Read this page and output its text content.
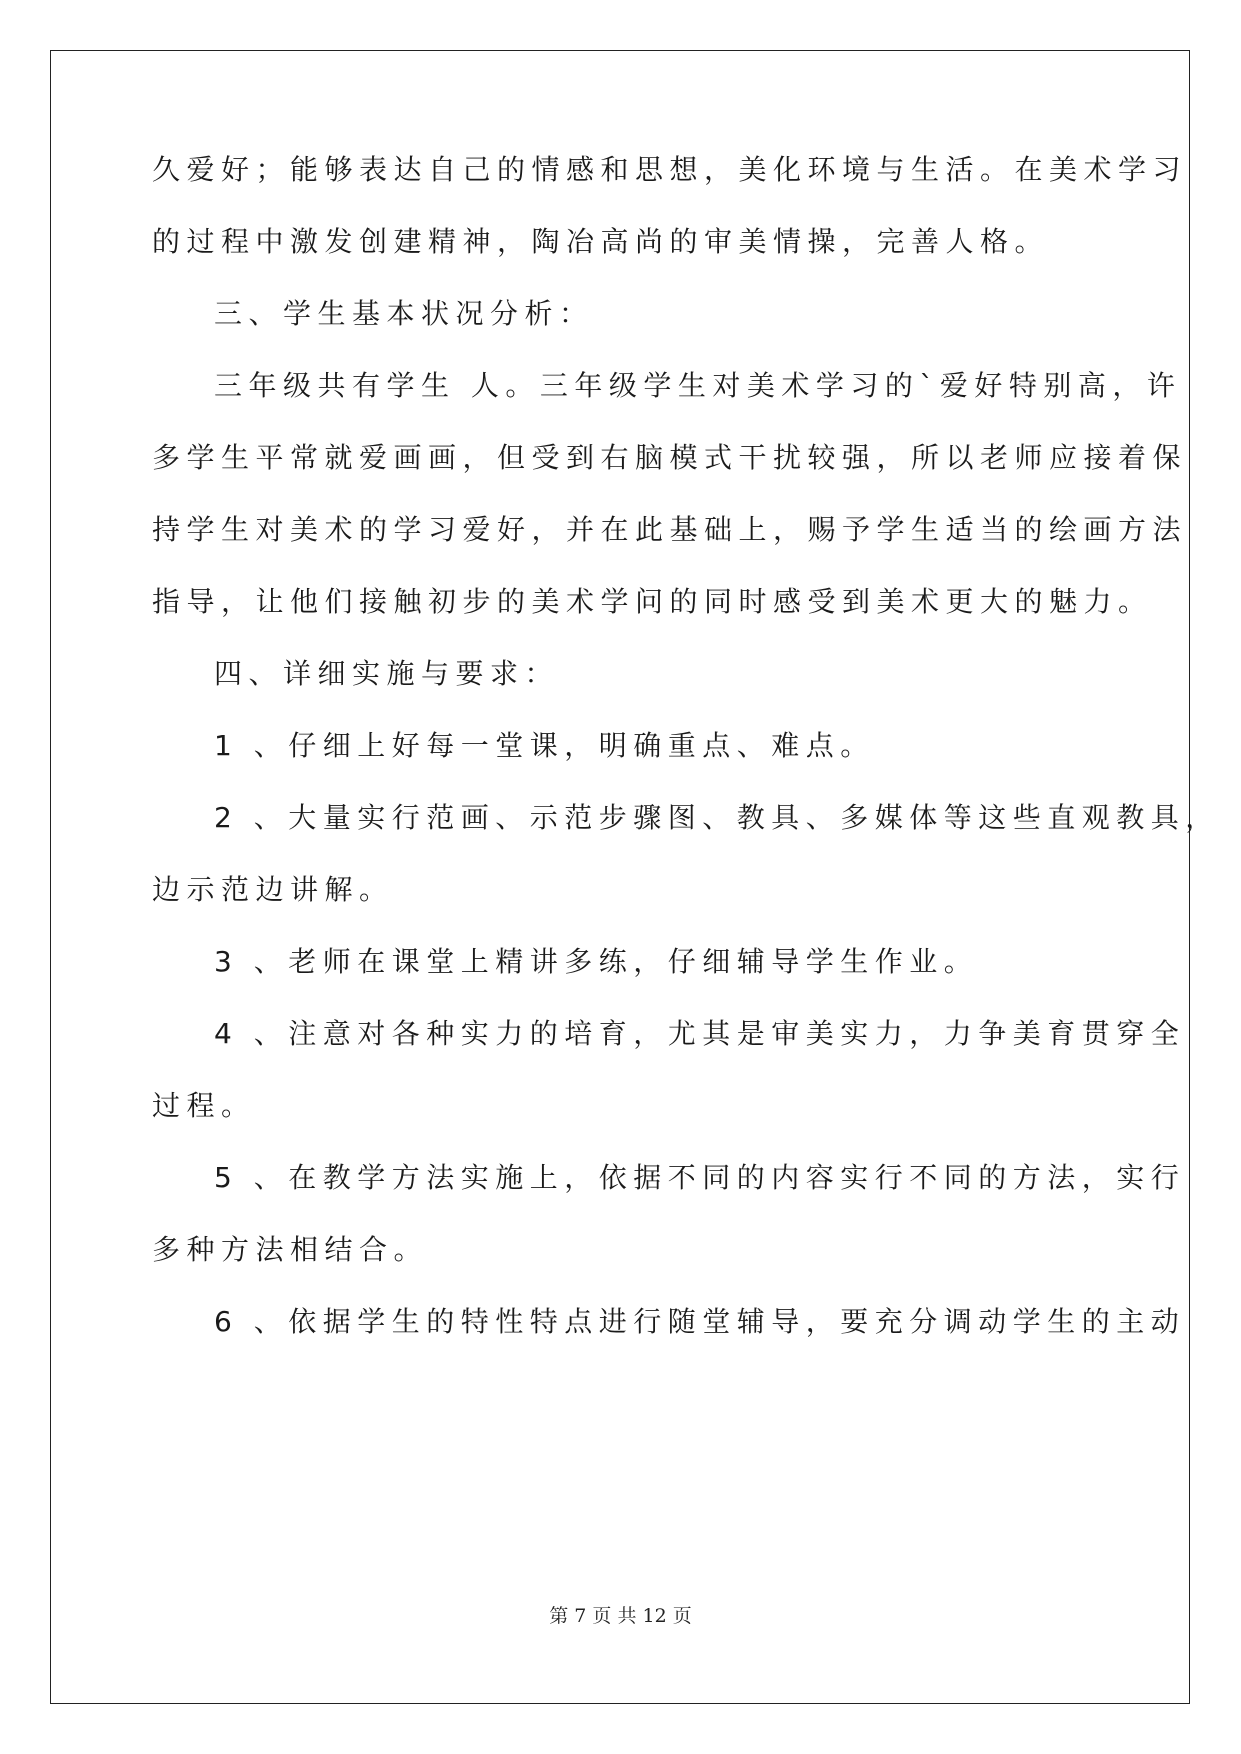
久爱好；能够表达自己的情感和思想，美化环境与生活。在美术学习
的过程中激发创建精神，陶冶高尚的审美情操，完善人格。
三、学生基本状况分析：
三年级共有学生 人。三年级学生对美术学习的`爱好特别高，许
多学生平常就爱画画，但受到右脑模式干扰较强，所以老师应接着保
持学生对美术的学习爱好，并在此基础上，赐予学生适当的绘画方法
指导，让他们接触初步的美术学问的同时感受到美术更大的魅力。
四、详细实施与要求：
1 、仔细上好每一堂课，明确重点、难点。
2 、大量实行范画、示范步骤图、教具、多媒体等这些直观教具，
边示范边讲解。
3 、老师在课堂上精讲多练，仔细辅导学生作业。
4 、注意对各种实力的培育，尤其是审美实力，力争美育贯穿全
过程。
5 、在教学方法实施上，依据不同的内容实行不同的方法，实行
多种方法相结合。
6 、依据学生的特性特点进行随堂辅导，要充分调动学生的主动
第 7 页 共 12 页
